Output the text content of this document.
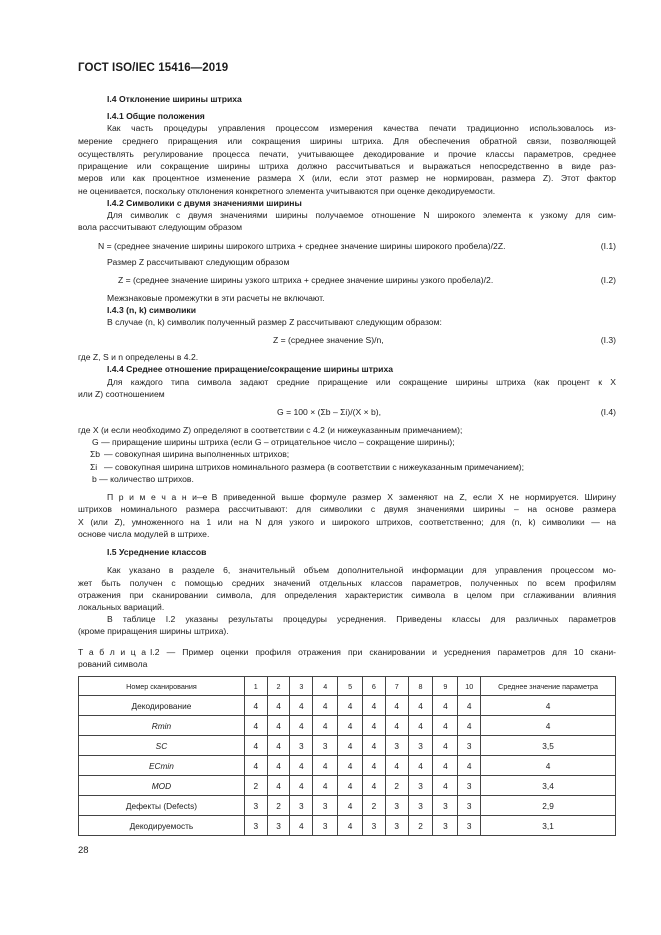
ГОСТ ISO/IEC 15416—2019
I.4 Отклонение ширины штриха
I.4.1 Общие положения
Как часть процедуры управления процессом измерения качества печати традиционно использовалось из-
мерение среднего приращения или сокращения ширины штриха. Для обеспечения обратной связи, позволяющей
осуществлять регулирование процесса печати, учитывающее декодирование и прочие классы параметров, среднее
приращение или сокращение ширины штриха должно рассчитываться и выражаться непосредственно в виде раз-
меров или как процентное изменение размера X (или, если этот размер не нормирован, размера Z). Этот фактор
не оценивается, поскольку отклонения конкретного элемента учитываются при оценке декодируемости.
I.4.2 Символики с двумя значениями ширины
Для символик с двумя значениями ширины получаемое отношение N широкого элемента к узкому для сим-
вола рассчитывают следующим образом
N = (среднее значение ширины широкого штриха + среднее значение ширины широкого пробела)/2Z.	(I.1)
Размер Z рассчитывают следующим образом
Z = (среднее значение ширины узкого штриха + среднее значение ширины узкого пробела)/2.	(I.2)
Межзнаковые промежутки в эти расчеты не включают.
I.4.3 (n, k) символики
В случае (n, k) символик полученный размер Z рассчитывают следующим образом:
Z = (среднее значение S)/n,	(I.3)
где Z, S и n определены в 4.2.
I.4.4 Среднее отношение приращение/сокращение ширины штриха
Для каждого типа символа задают средние приращение или сокращение ширины штриха (как процент к X
или Z) соотношением
G = 100 × (Σb – Σi)/(X × b),	(I.4)
где X (и если необходимо Z) определяют в соответствии с 4.2 (и нижеуказанным примечанием);
G — приращение ширины штриха (если G – отрицательное число – сокращение ширины);
Σb — совокупная ширина выполненных штрихов;
Σi — совокупная ширина штрихов номинального размера (в соответствии с нижеуказанным примечанием);
b — количество штрихов.
П р и м е ч а н и е
— В приведенной выше формуле размер X заменяют на Z, если X не нормируется. Ширину
штрихов номинального размера рассчитывают: для символики с двумя значениями ширины – на основе размера
X (или Z), умноженного на 1 или на N для узкого и широкого штрихов, соответственно; для (n, k) символики — на
основе числа модулей в штрихе.
I.5 Усреднение классов
Как указано в разделе 6, значительный объем дополнительной информации для управления процессом мо-
жет быть получен с помощью средних значений отдельных классов параметров, полученных по всем профилям
отражения при сканировании символа, для определения характеристик символа в целом при сглаживании влияния
локальных вариаций.
В таблице I.2 указаны результаты процедуры усреднения. Приведены классы для различных параметров
(кроме приращения ширины штриха).
Т а б л и ц а I.2 — Пример оценки профиля отражения при сканировании и усреднения параметров для 10 скани-
рований символа
Номер сканирования	1	2	3	4	5	6	7	8	9	10	Среднее значение параметра
Декодирование	4	4	4	4	4	4	4	4	4	4	4
Rmin	4	4	4	4	4	4	4	4	4	4	4
SC	4	4	3	3	4	4	3	3	4	3	3,5
ECmin	4	4	4	4	4	4	4	4	4	4	4
MOD	2	4	4	4	4	4	2	3	4	3	3,4
Дефекты (Defects)	3	2	3	3	4	2	3	3	3	3	2,9
Декодируемость	3	3	4	3	4	3	3	2	3	3	3,1
28
